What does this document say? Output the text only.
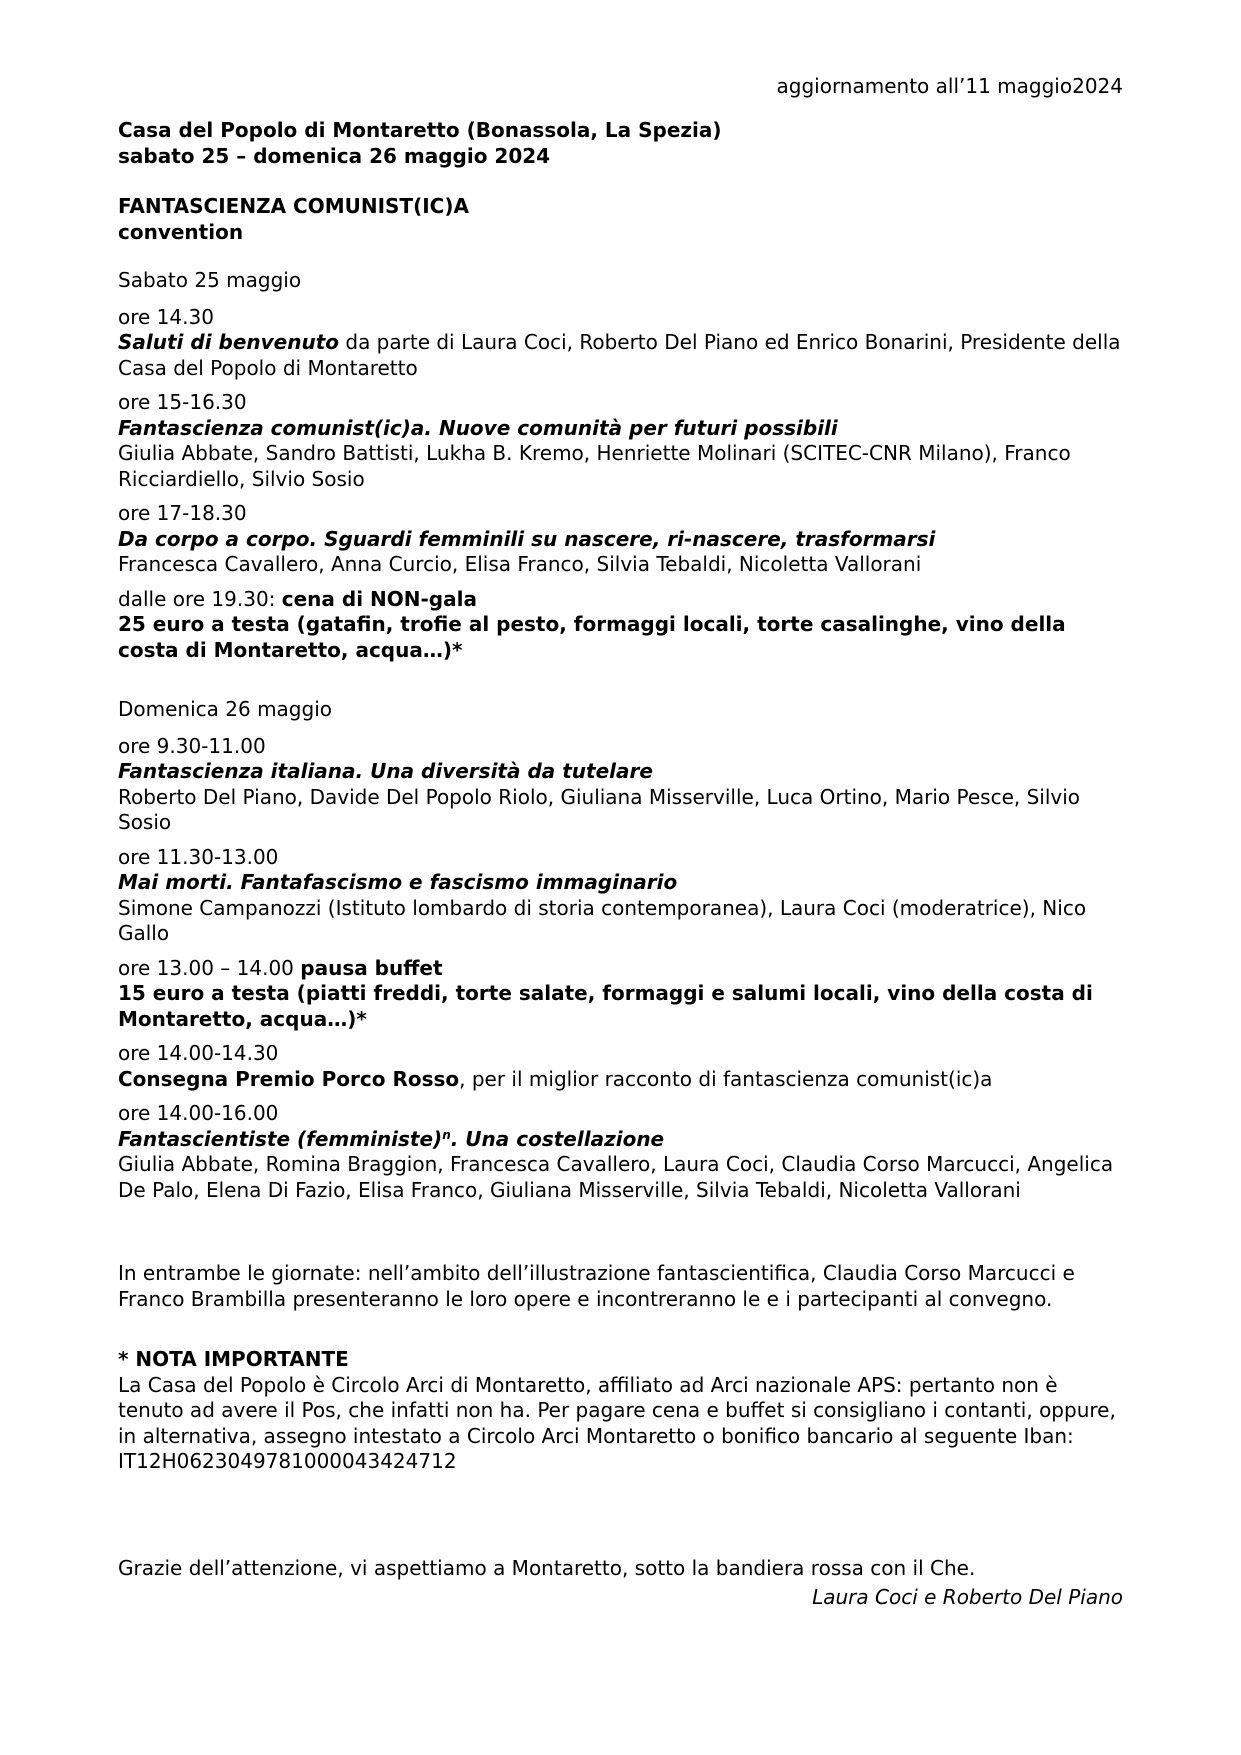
aggiornamento all’11 maggio2024
Casa del Popolo di Montaretto (Bonassola, La Spezia)
sabato 25 – domenica 26 maggio 2024
FANTASCIENZA COMUNIST(IC)A
convention
Sabato 25 maggio
ore 14.30
Saluti di benvenuto da parte di Laura Coci, Roberto Del Piano ed Enrico Bonarini, Presidente della Casa del Popolo di Montaretto
ore 15-16.30
Fantascienza comunist(ic)a. Nuove comunità per futuri possibili
Giulia Abbate, Sandro Battisti, Lukha B. Kremo, Henriette Molinari (SCITEC-CNR Milano), Franco Ricciardiello, Silvio Sosio
ore 17-18.30
Da corpo a corpo. Sguardi femminili su nascere, ri-nascere, trasformarsi
Francesca Cavallero, Anna Curcio, Elisa Franco, Silvia Tebaldi, Nicoletta Vallorani
dalle ore 19.30: cena di NON-gala
25 euro a testa (gatafin, trofie al pesto, formaggi locali, torte casalinghe, vino della costa di Montaretto, acqua…)*
Domenica 26 maggio
ore 9.30-11.00
Fantascienza italiana. Una diversità da tutelare
Roberto Del Piano, Davide Del Popolo Riolo, Giuliana Misserville, Luca Ortino, Mario Pesce, Silvio Sosio
ore 11.30-13.00
Mai morti. Fantafascismo e fascismo immaginario
Simone Campanozzi (Istituto lombardo di storia contemporanea), Laura Coci (moderatrice), Nico Gallo
ore 13.00 – 14.00 pausa buffet
15 euro a testa (piatti freddi, torte salate, formaggi e salumi locali, vino della costa di Montaretto, acqua…)*
ore 14.00-14.30
Consegna Premio Porco Rosso, per il miglior racconto di fantascienza comunist(ic)a
ore 14.00-16.00
Fantascientiste (femministe)$^n$. Una costellazione
Giulia Abbate, Romina Braggion, Francesca Cavallero, Laura Coci, Claudia Corso Marcucci, Angelica De Palo, Elena Di Fazio, Elisa Franco, Giuliana Misserville, Silvia Tebaldi, Nicoletta Vallorani
In entrambe le giornate: nell’ambito dell’illustrazione fantascientifica, Claudia Corso Marcucci e Franco Brambilla presenteranno le loro opere e incontreranno le e i partecipanti al convegno.
* NOTA IMPORTANTE
La Casa del Popolo è Circolo Arci di Montaretto, affiliato ad Arci nazionale APS: pertanto non è tenuto ad avere il Pos, che infatti non ha. Per pagare cena e buffet si consigliano i contanti, oppure, in alternativa, assegno intestato a Circolo Arci Montaretto o bonifico bancario al seguente Iban:
IT12H0623049781000043424712
Grazie dell’attenzione, vi aspettiamo a Montaretto, sotto la bandiera rossa con il Che.
Laura Coci e Roberto Del Piano
